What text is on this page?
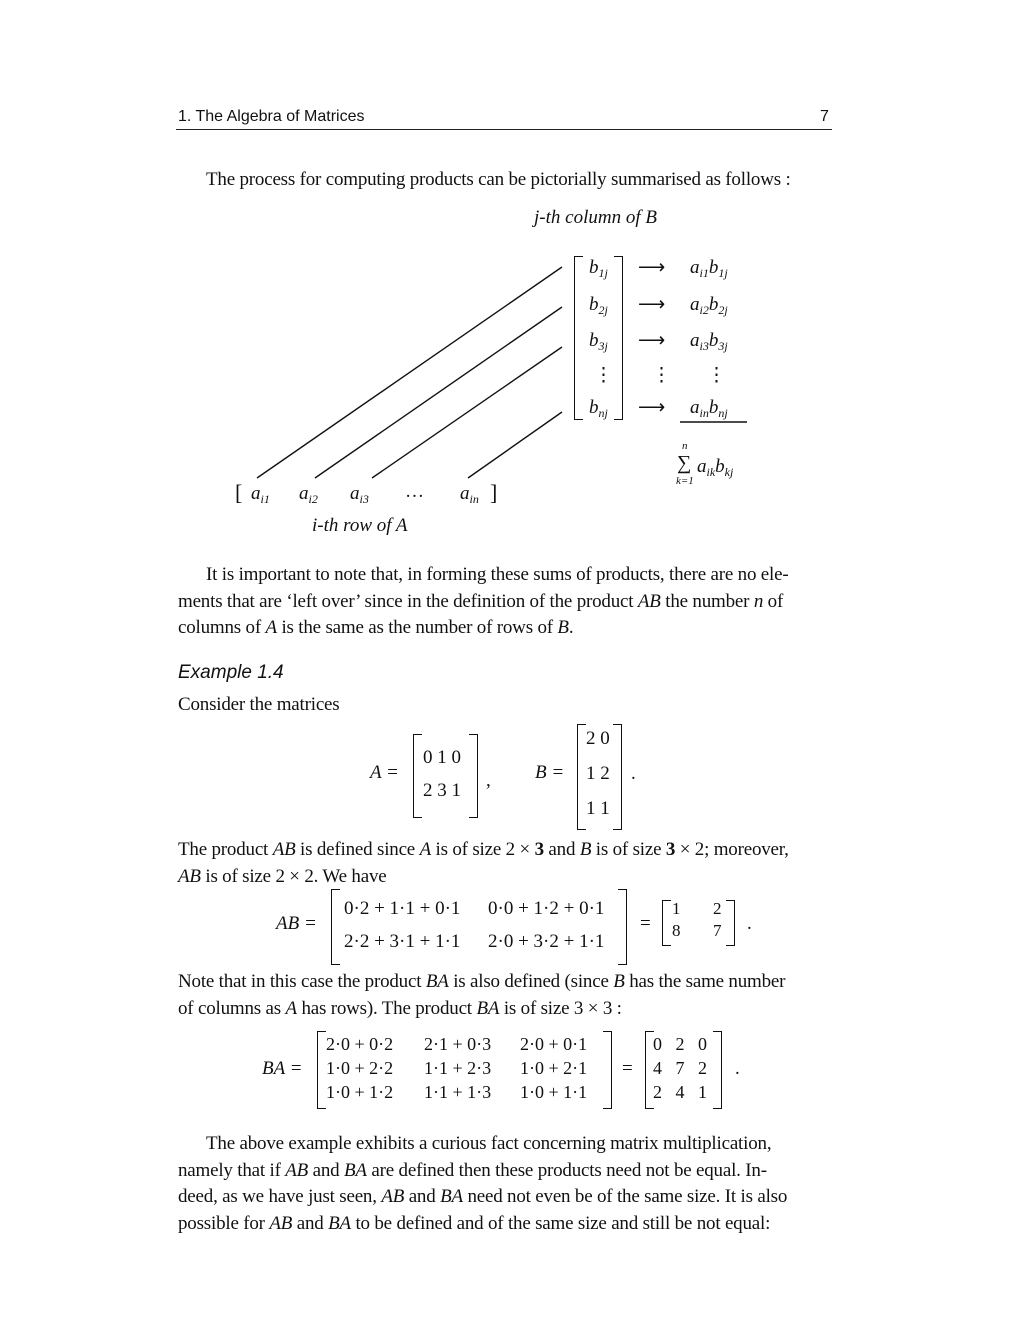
1. The Algebra of Matrices	7
The process for computing products can be pictorially summarised as follows :
j-th column of B
$b_{1j}$
$b_{2j}$
$b_{3j}$
⋮
$b_{nj}$
⟶
⟶
⟶
⋮
⟶
$a_{i1}b_{1j}$
$a_{i2}b_{2j}$
$a_{i3}b_{3j}$
⋮
$a_{in}b_{nj}$
n
∑
k=1
$a_{ik}b_{kj}$
[ $a_{i1}$ $a_{i2}$ $a_{i3}$ … $a_{in}$ ]
i-th row of A
It is important to note that, in forming these sums of products, there are no ele-
ments that are ‘left over’ since in the definition of the product AB the number n of
columns of A is the same as the number of rows of B.
Example 1.4
Consider the matrices
A =
0 1 0
2 3 1 , B =
2 0
1 2
1 1
.
The product AB is defined since A is of size 2 × 3 and B is of size 3 × 2; moreover,
AB is of size 2 × 2. We have
AB =
0·2 + 1·1 + 0·1 0·0 + 1·2 + 0·1
2·2 + 3·1 + 1·1 2·0 + 3·2 + 1·1
=
1 2
8 7 .
Note that in this case the product BA is also defined (since B has the same number
of columns as A has rows). The product BA is of size 3 × 3 :
BA =
2·0 + 0·2 2·1 + 0·3 2·0 + 0·1
1·0 + 2·2 1·1 + 2·3 1·0 + 2·1
1·0 + 1·2 1·1 + 1·3 1·0 + 1·1
=
0 2 0
4 7 2
2 4 1
.
The above example exhibits a curious fact concerning matrix multiplication,
namely that if AB and BA are defined then these products need not be equal. In-
deed, as we have just seen, AB and BA need not even be of the same size. It is also
possible for AB and BA to be defined and of the same size and still be not equal:
